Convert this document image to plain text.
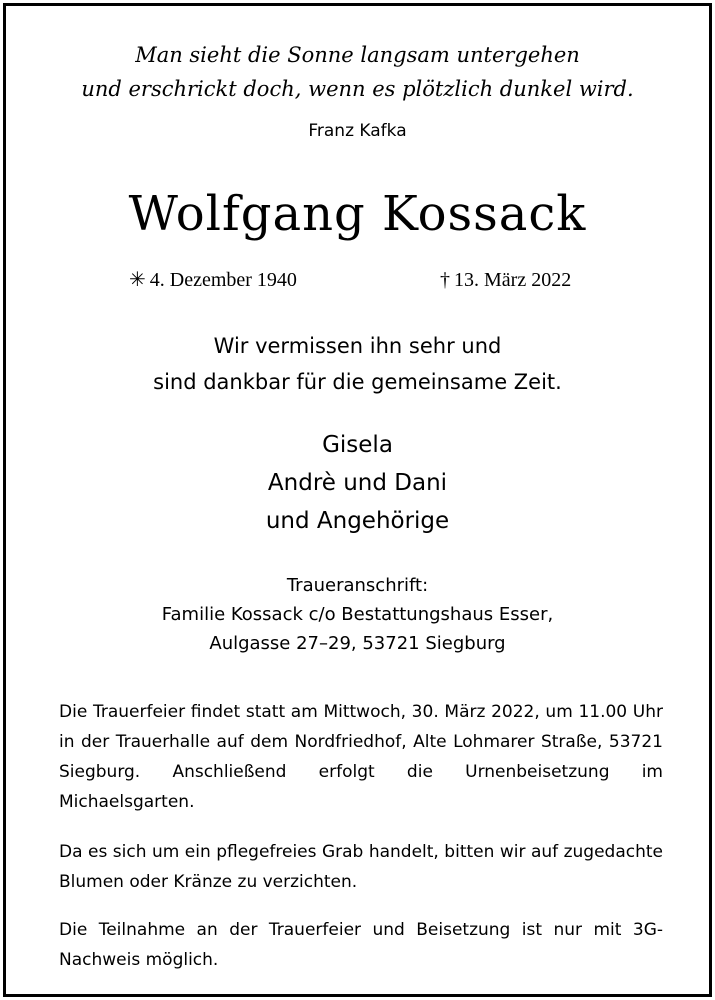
Man sieht die Sonne langsam untergehen
und erschrickt doch, wenn es plötzlich dunkel wird.
Franz Kafka
Wolfgang Kossack
✳ 4. Dezember 1940	† 13. März 2022
Wir vermissen ihn sehr und
sind dankbar für die gemeinsame Zeit.
Gisela
Andrè und Dani
und Angehörige
Traueranschrift:
Familie Kossack c/o Bestattungshaus Esser,
Aulgasse 27–29, 53721 Siegburg
Die Trauerfeier findet statt am Mittwoch, 30. März 2022, um 11.00 Uhr in der Trauerhalle auf dem Nordfriedhof, Alte Lohmarer Straße, 53721 Siegburg. Anschließend erfolgt die Urnenbeisetzung im Michaelsgarten.
Da es sich um ein pflegefreies Grab handelt, bitten wir auf zugedachte Blumen oder Kränze zu verzichten.
Die Teilnahme an der Trauerfeier und Beisetzung ist nur mit 3G-Nachweis möglich.
